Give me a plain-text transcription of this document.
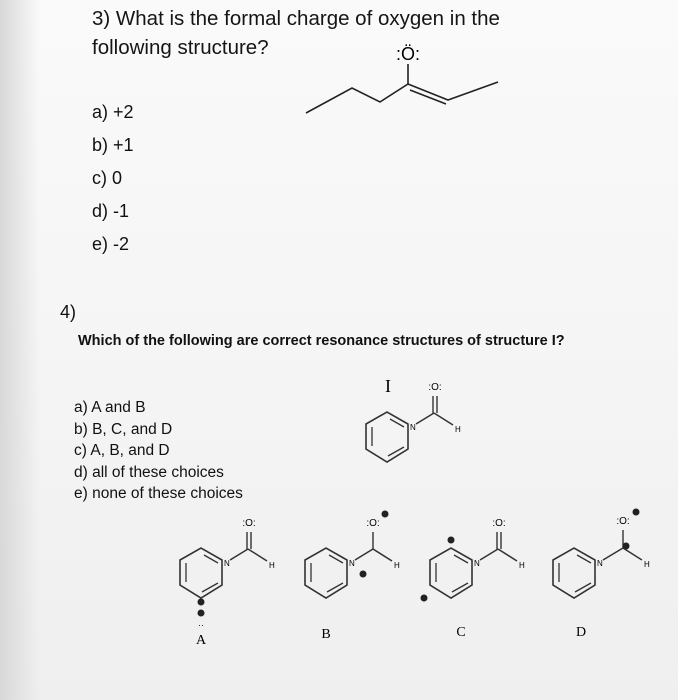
3) What is the formal charge of oxygen in the following structure?
a) +2
b) +1
c) 0
d) -1
e) -2
:Ö:
4)
Which of the following are correct resonance structures of structure I?
a) A and B
b) B, C, and D
c) A, B, and D
d) all of these choices
e) none of these choices
I
N	H
:O:
N	H
:O:
··
A
N	H
:O:
B
N	H
:O:
C
N	H
:O:
D
